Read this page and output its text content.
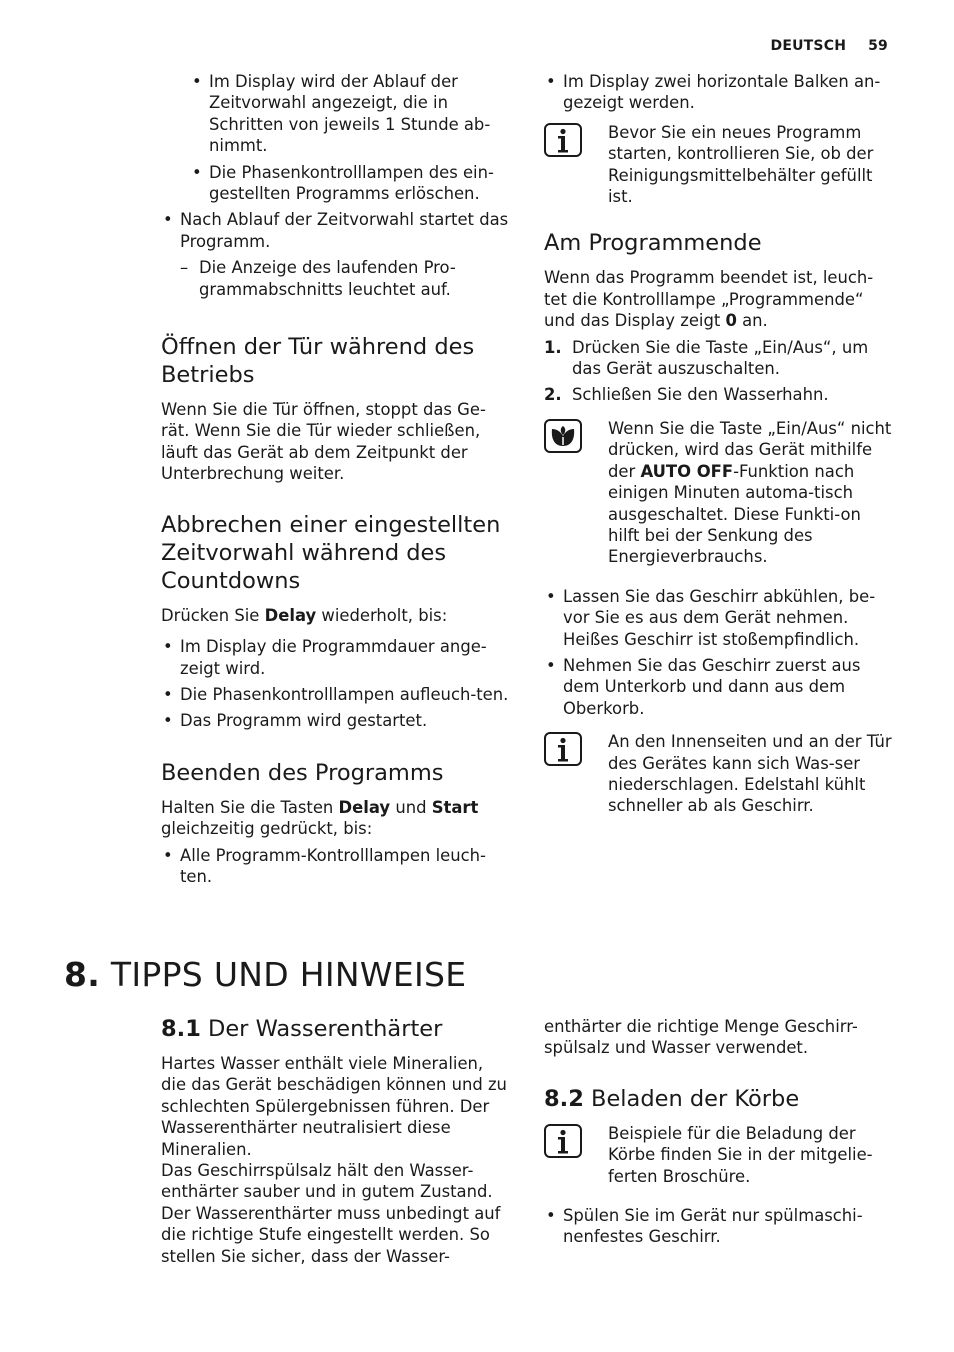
DEUTSCH 59
• Im Display wird der Ablauf der Zeitvorwahl angezeigt, die in Schritten von jeweils 1 Stunde ab-nimmt.
• Die Phasenkontrolllampen des ein-gestellten Programms erlöschen.
• Nach Ablauf der Zeitvorwahl startet das Programm.
– Die Anzeige des laufenden Pro-grammabschnitts leuchtet auf.
Öffnen der Tür während des Betriebs

Wenn Sie die Tür öffnen, stoppt das Ge-rät. Wenn Sie die Tür wieder schließen, läuft das Gerät ab dem Zeitpunkt der Unterbrechung weiter.

Abbrechen einer eingestellten Zeitvorwahl während des Countdowns

Drücken Sie Delay wiederholt, bis:

• Im Display die Programmdauer ange-zeigt wird.
• Die Phasenkontrolllampen aufleuch-ten.
• Das Programm wird gestartet.
Beenden des Programms

Halten Sie die Tasten Delay und Start gleichzeitig gedrückt, bis:

• Alle Programm-Kontrolllampen leuch-ten.
• Im Display zwei horizontale Balken an-gezeigt werden.
Bevor Sie ein neues Programm starten, kontrollieren Sie, ob der Reinigungsmittelbehälter gefüllt ist.
Am Programmende

Wenn das Programm beendet ist, leuch-tet die Kontrolllampe „Programmende“ und das Display zeigt 0 an.

1. Drücken Sie die Taste „Ein/Aus“, um das Gerät auszuschalten.
2. Schließen Sie den Wasserhahn.
Wenn Sie die Taste „Ein/Aus“ nicht drücken, wird das Gerät mithilfe der AUTO OFF-Funktion nach einigen Minuten automa-tisch ausgeschaltet. Diese Funkti-on hilft bei der Senkung des Energieverbrauchs.
• Lassen Sie das Geschirr abkühlen, be-vor Sie es aus dem Gerät nehmen. Heißes Geschirr ist stoßempfindlich.
• Nehmen Sie das Geschirr zuerst aus dem Unterkorb und dann aus dem Oberkorb.
An den Innenseiten und an der Tür des Gerätes kann sich Was-ser niederschlagen. Edelstahl kühlt schneller ab als Geschirr.
8. TIPPS UND HINWEISE
8.1 Der Wasserenthärter

Hartes Wasser enthält viele Mineralien, die das Gerät beschädigen können und zu schlechten Spülergebnissen führen. Der Wasserenthärter neutralisiert diese Mineralien.

Das Geschirrspülsalz hält den Wasser-enthärter sauber und in gutem Zustand. Der Wasserenthärter muss unbedingt auf die richtige Stufe eingestellt werden. So stellen Sie sicher, dass der Wasser-

enthärter die richtige Menge Geschirr-spülsalz und Wasser verwendet.

8.2 Beladen der Körbe
Beispiele für die Beladung der Körbe finden Sie in der mitgelie-ferten Broschüre.
• Spülen Sie im Gerät nur spülmaschi-nenfestes Geschirr.
